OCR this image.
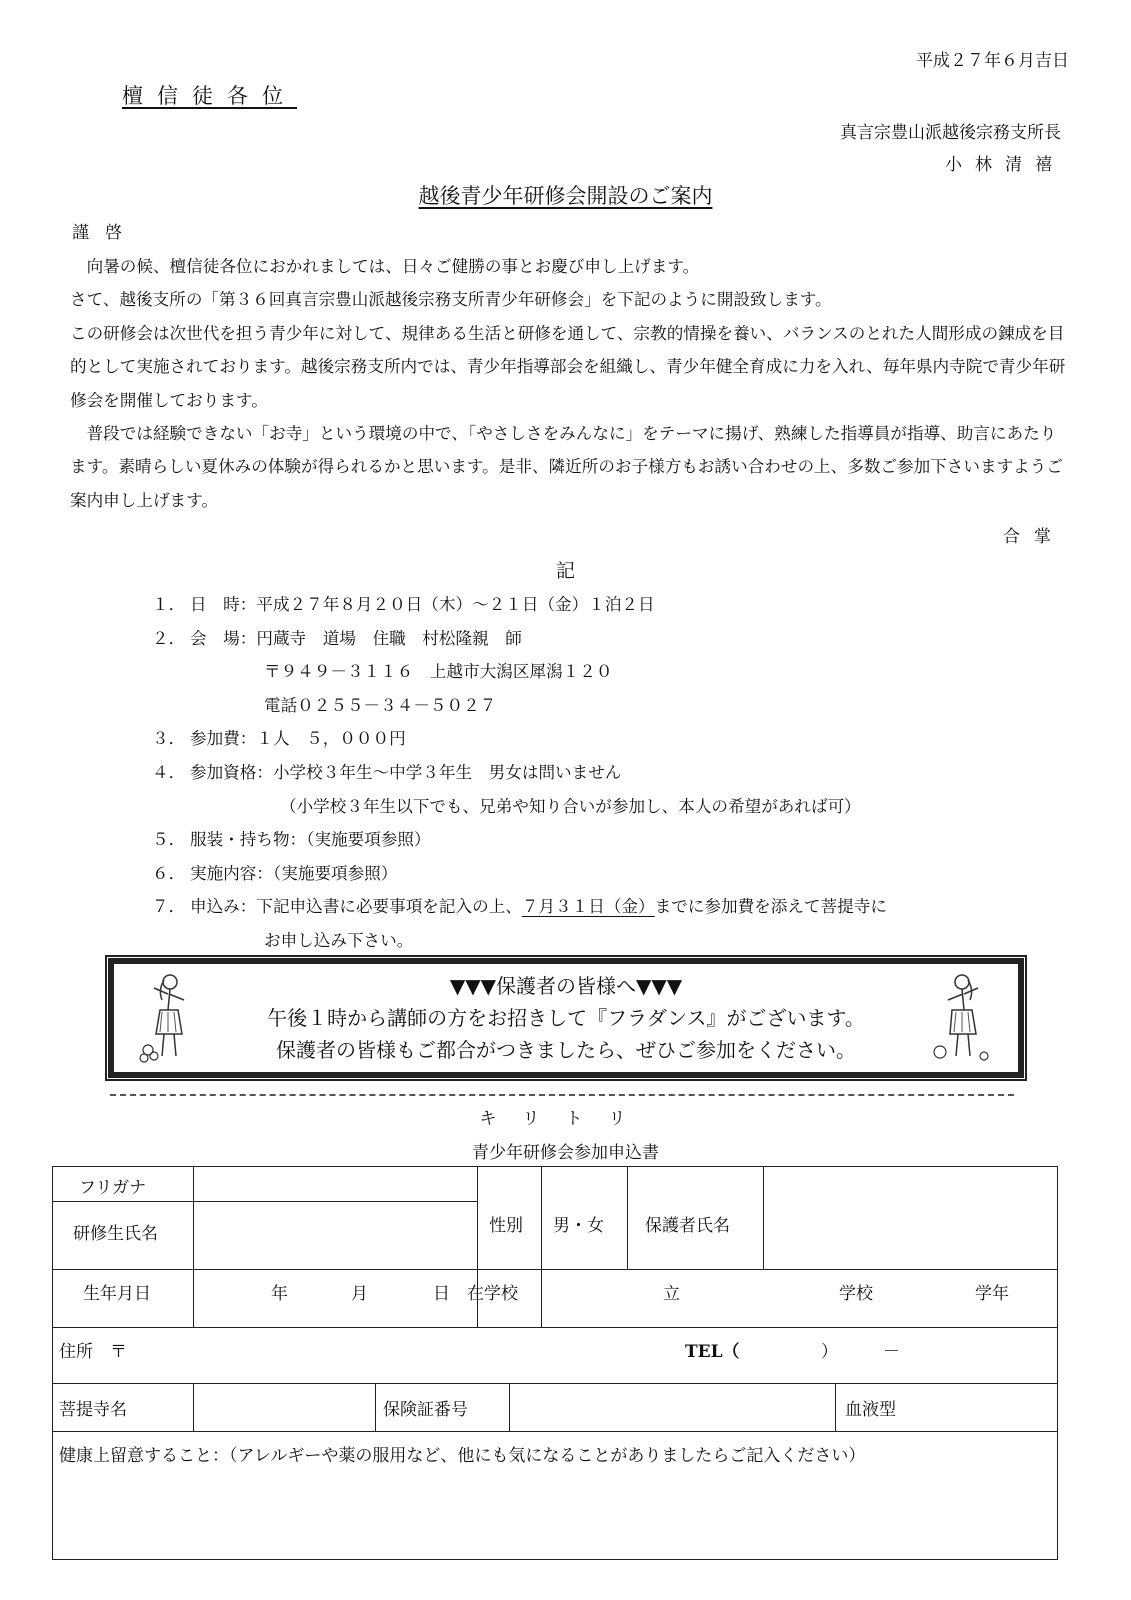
平成２７年６月吉日
檀信徒各位
真言宗豊山派越後宗務支所長
小林清禧
越後青少年研修会開設のご案内
謹啓

　向暑の候、檀信徒各位におかれましては、日々ご健勝の事とお慶び申し上げます。

さて、越後支所の「第３６回真言宗豊山派越後宗務支所青少年研修会」を下記のように開設致します。

この研修会は次世代を担う青少年に対して、規律ある生活と研修を通して、宗教的情操を養い、バランスのとれた人間形成の錬成を目的として実施されております。越後宗務支所内では、青少年指導部会を組織し、青少年健全育成に力を入れ、毎年県内寺院で青少年研修会を開催しております。

　普段では経験できない「お寺」という環境の中で、「やさしさをみんなに」をテーマに揚げ、熟練した指導員が指導、助言にあたります。素晴らしい夏休みの体験が得られるかと思います。是非、隣近所のお子様方もお誘い合わせの上、多数ご参加下さいますようご案内申し上げます。

合掌
記
１． 日　時：平成２７年８月２０日（木）～２１日（金）１泊２日
２． 会　場：円蔵寺　道場　住職　村松隆親　師
〒９４９－３１１６　上越市大潟区犀潟１２０
電話０２５５－３４－５０２７
３． 参加費：１人　５，０００円
４． 参加資格：小学校３年生～中学３年生　男女は問いません
（小学校３年生以下でも、兄弟や知り合いが参加し、本人の希望があれば可）
５． 服装・持ち物：（実施要項参照）
６． 実施内容：（実施要項参照）
７． 申込み：下記申込書に必要事項を記入の上、７月３１日（金）までに参加費を添えて菩提寺に
お申し込み下さい。
▼▼▼保護者の皆様へ▼▼▼
午後１時から講師の方をお招きして『フラダンス』がございます。
保護者の皆様もご都合がつきましたら、ぜひご参加をください。
キリトリ
青少年研修会参加申込書
フリガナ
研修生氏名	性別 男・女 保護者氏名
生年月日	年	月	日 在学校	立	学校	学年
住所　〒	TEL（	）	－
菩提寺名	保険証番号	血液型
健康上留意すること：（アレルギーや薬の服用など、他にも気になることがありましたらご記入ください）
